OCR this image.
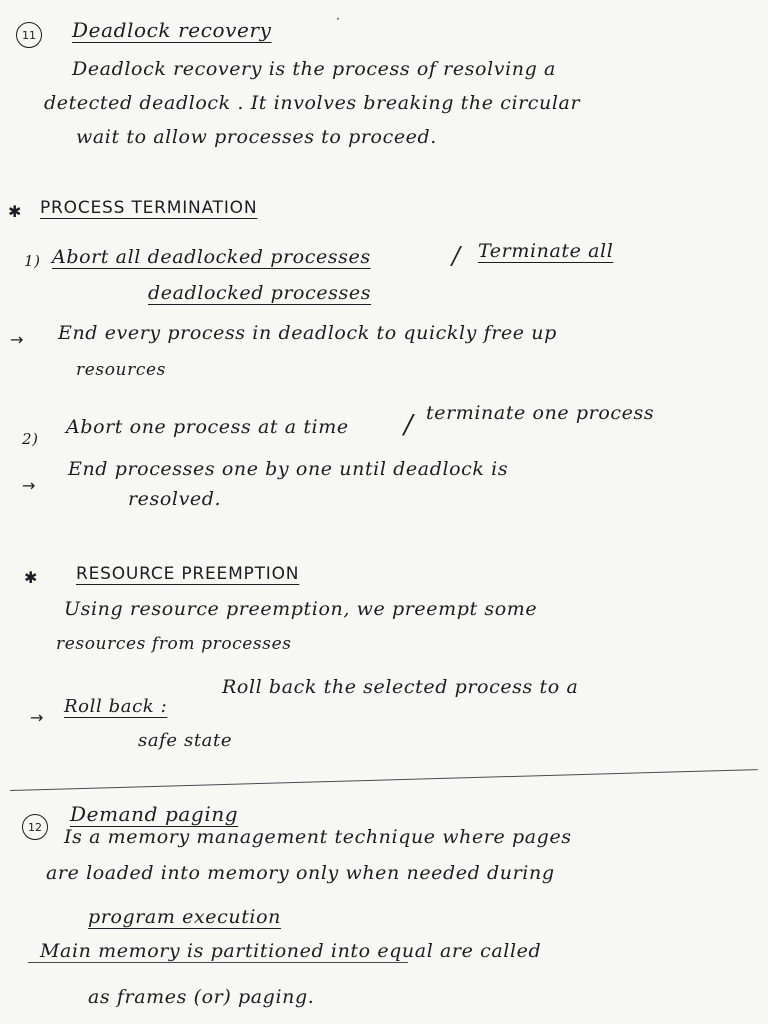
11 Deadlock recovery	·
Deadlock recovery is the process of resolving a
detected deadlock . It involves breaking the circular
wait to allow processes to proceed.
✱ PROCESS TERMINATION
1) Abort all deadlocked processes	/ Terminate all
deadlocked processes
→ End every process in deadlock to quickly free up
resources
2)
Abort one process at a time / terminate one process
→
End processes one by one until deadlock is
resolved.
✱ RESOURCE PREEMPTION
Using resource preemption, we preempt some
resources from processes
→
Roll back :
Roll back the selected process to a
safe state
12
Demand paging
Is a memory management technique where pages
are loaded into memory only when needed during
program execution
Main memory is partitioned into equal are called
as frames (or) paging.
